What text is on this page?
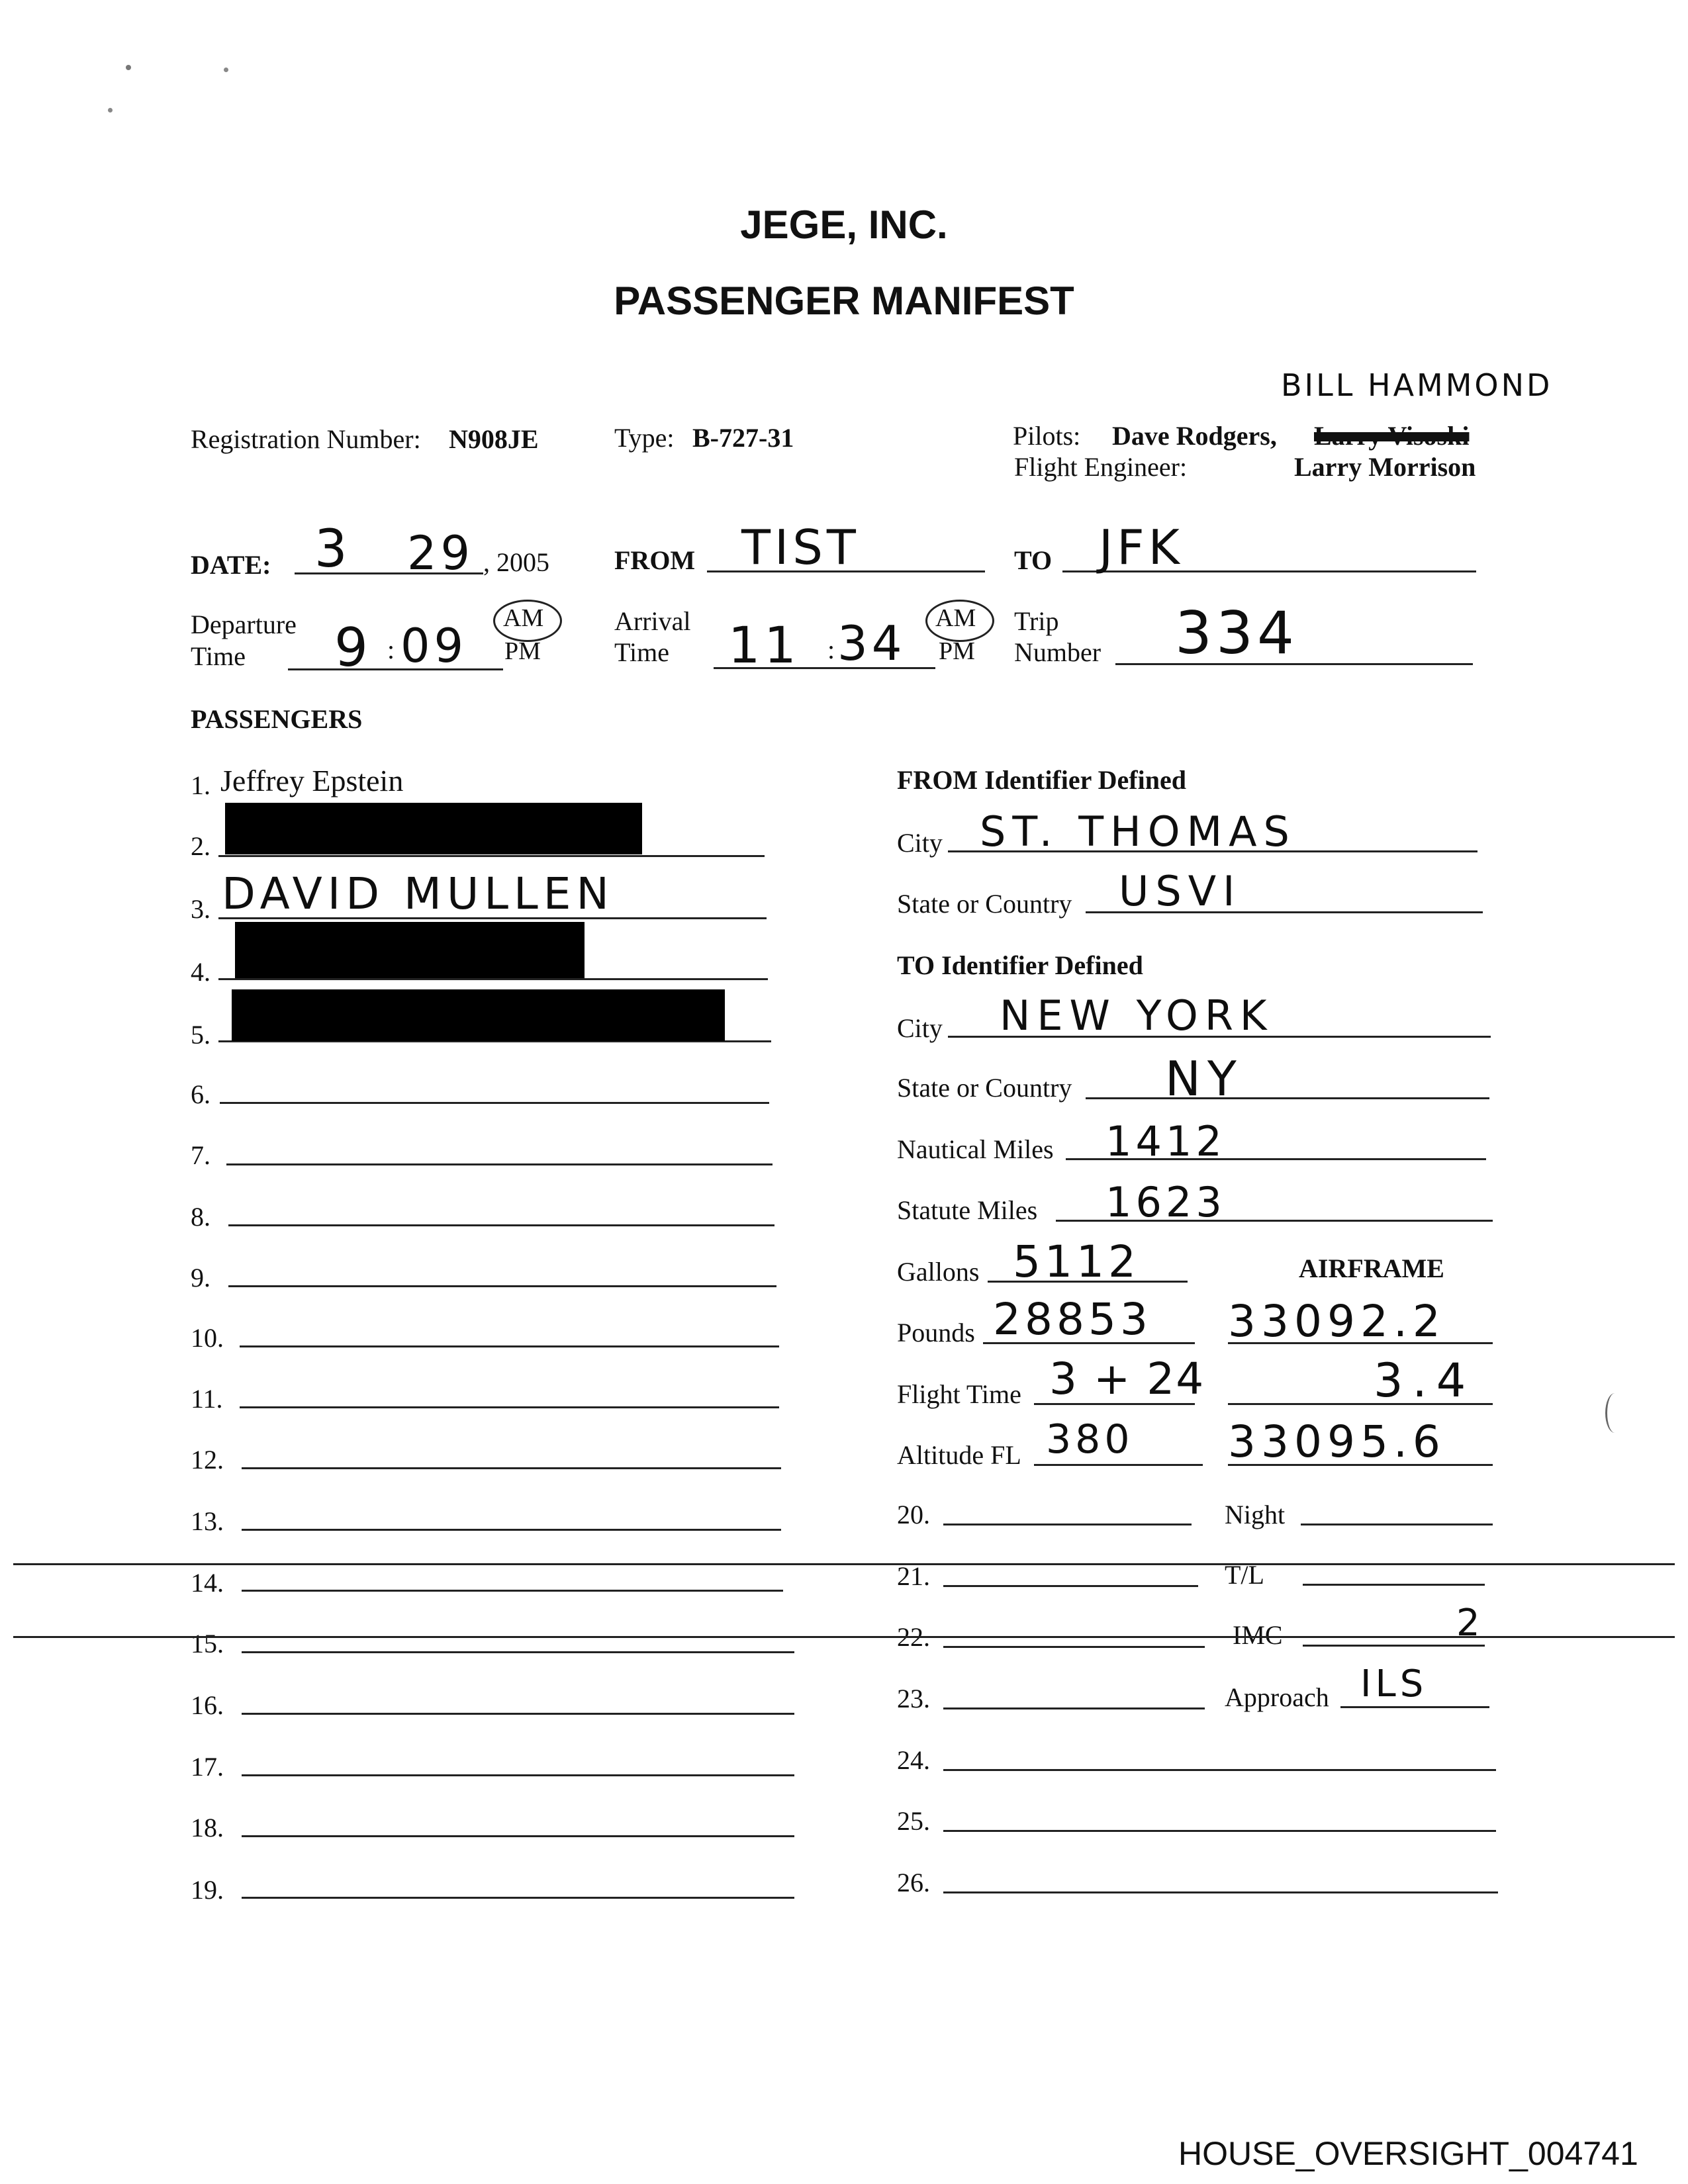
JEGE, INC.
PASSENGER MANIFEST
Registration Number: N908JE	Type: B-727-31
BILL HAMMOND
Pilots: Dave Rodgers, Larry Visoski
Flight Engineer:	Larry Morrison
DATE: 3 29 , 2005 FROM TIST	TO JFK
Departure
Time 9 : 09
AM
PM
Arrival
Time 11 : 34 AM
PM
Trip
Number 334
PASSENGERS
1. Jeffrey Epstein
2.
3. DAVID MULLEN
4.
5.
6.
7.
8.
9.
10.
11.
12.
13.
14.
15.
16.
17.
18.
19.
FROM Identifier Defined
City ST. THOMAS
State or Country USVI
TO Identifier Defined
City NEW YORK
State or Country NY
Nautical Miles 1412
Statute Miles 1623
Gallons 5112	AIRFRAME
Pounds 28853 33092.2
Flight Time 3 + 24	3.4
Altitude FL 380 33095.6
20.	Night
21.	T/L
22.	IMC	2
23.	Approach ILS
24.
25.
26.
HOUSE_OVERSIGHT_004741
